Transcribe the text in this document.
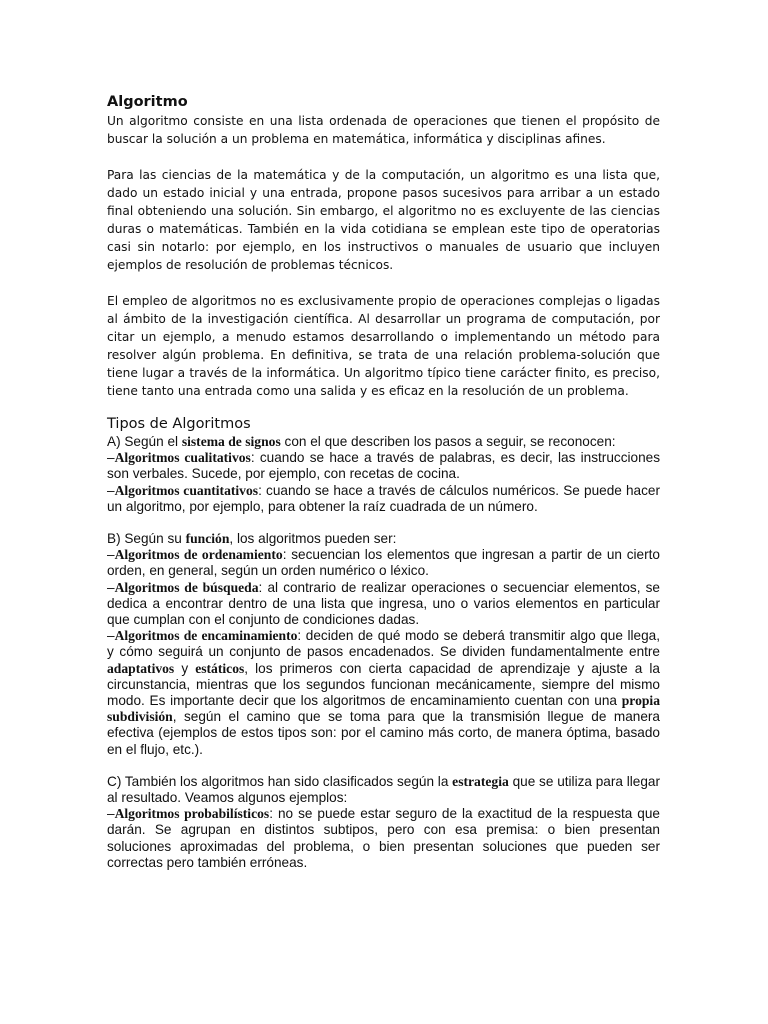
Algoritmo

Un algoritmo consiste en una lista ordenada de operaciones que tienen el propósito de buscar la solución a un problema en matemática, informática y disciplinas afines.

Para las ciencias de la matemática y de la computación, un algoritmo es una lista que, dado un estado inicial y una entrada, propone pasos sucesivos para arribar a un estado final obteniendo una solución. Sin embargo, el algoritmo no es excluyente de las ciencias duras o matemáticas. También en la vida cotidiana se emplean este tipo de operatorias casi sin notarlo: por ejemplo, en los instructivos o manuales de usuario que incluyen ejemplos de resolución de problemas técnicos.

El empleo de algoritmos no es exclusivamente propio de operaciones complejas o ligadas al ámbito de la investigación científica. Al desarrollar un programa de computación, por citar un ejemplo, a menudo estamos desarrollando o implementando un método para resolver algún problema. En definitiva, se trata de una relación problema-solución que tiene lugar a través de la informática. Un algoritmo típico tiene carácter finito, es preciso, tiene tanto una entrada como una salida y es eficaz en la resolución de un problema.

Tipos de Algoritmos

A) Según el sistema de signos con el que describen los pasos a seguir, se reconocen:

–Algoritmos cualitativos: cuando se hace a través de palabras, es decir, las instrucciones son verbales. Sucede, por ejemplo, con recetas de cocina.

–Algoritmos cuantitativos: cuando se hace a través de cálculos numéricos. Se puede hacer un algoritmo, por ejemplo, para obtener la raíz cuadrada de un número.

B) Según su función, los algoritmos pueden ser:

–Algoritmos de ordenamiento: secuencian los elementos que ingresan a partir de un cierto orden, en general, según un orden numérico o léxico.

–Algoritmos de búsqueda: al contrario de realizar operaciones o secuenciar elementos, se dedica a encontrar dentro de una lista que ingresa, uno o varios elementos en particular que cumplan con el conjunto de condiciones dadas.

–Algoritmos de encaminamiento: deciden de qué modo se deberá transmitir algo que llega, y cómo seguirá un conjunto de pasos encadenados. Se dividen fundamentalmente entre adaptativos y estáticos, los primeros con cierta capacidad de aprendizaje y ajuste a la circunstancia, mientras que los segundos funcionan mecánicamente, siempre del mismo modo. Es importante decir que los algoritmos de encaminamiento cuentan con una propia subdivisión, según el camino que se toma para que la transmisión llegue de manera efectiva (ejemplos de estos tipos son: por el camino más corto, de manera óptima, basado en el flujo, etc.).

C) También los algoritmos han sido clasificados según la estrategia que se utiliza para llegar al resultado. Veamos algunos ejemplos:

–Algoritmos probabilísticos: no se puede estar seguro de la exactitud de la respuesta que darán. Se agrupan en distintos subtipos, pero con esa premisa: o bien presentan soluciones aproximadas del problema, o bien presentan soluciones que pueden ser correctas pero también erróneas.
